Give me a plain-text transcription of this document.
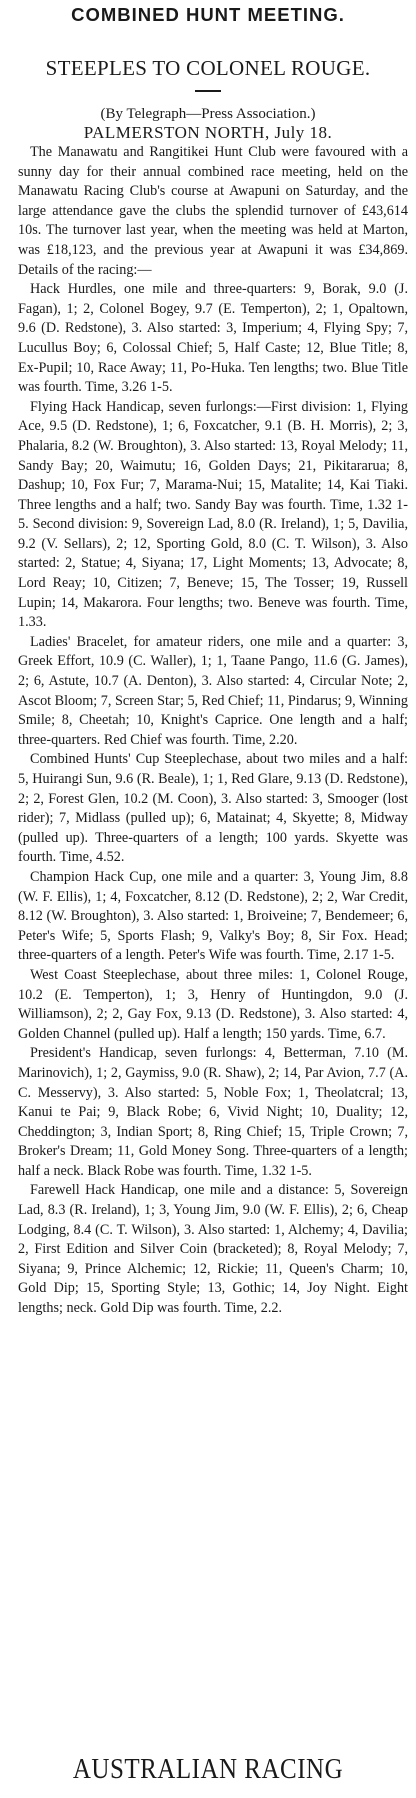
COMBINED HUNT MEETING.
STEEPLES TO COLONEL ROUGE.
(By Telegraph—Press Association.)
PALMERSTON NORTH, July 18.

The Manawatu and Rangitikei Hunt Club were favoured with a sunny day for their annual combined race meeting, held on the Manawatu Racing Club's course at Awapuni on Saturday, and the large attendance gave the clubs the splendid turnover of £43,614 10s. The turnover last year, when the meeting was held at Marton, was £18,123, and the previous year at Awapuni it was £34,869. Details of the racing:—

Hack Hurdles, one mile and three-quarters: 9, Borak, 9.0 (J. Fagan), 1; 2, Colonel Bogey, 9.7 (E. Temperton), 2; 1, Opaltown, 9.6 (D. Redstone), 3. Also started: 3, Imperium; 4, Flying Spy; 7, Lucullus Boy; 6, Colossal Chief; 5, Half Caste; 12, Blue Title; 8, Ex-Pupil; 10, Race Away; 11, Po-Huka. Ten lengths; two. Blue Title was fourth. Time, 3.26 1-5.

Flying Hack Handicap, seven furlongs:—First division: 1, Flying Ace, 9.5 (D. Redstone), 1; 6, Foxcatcher, 9.1 (B. H. Morris), 2; 3, Phalaria, 8.2 (W. Broughton), 3. Also started: 13, Royal Melody; 11, Sandy Bay; 20, Waimutu; 16, Golden Days; 21, Pikitararua; 8, Dashup; 10, Fox Fur; 7, Marama-Nui; 15, Matalite; 14, Kai Tiaki. Three lengths and a half; two. Sandy Bay was fourth. Time, 1.32 1-5. Second division: 9, Sovereign Lad, 8.0 (R. Ireland), 1; 5, Davilia, 9.2 (V. Sellars), 2; 12, Sporting Gold, 8.0 (C. T. Wilson), 3. Also started: 2, Statue; 4, Siyana; 17, Light Moments; 13, Advocate; 8, Lord Reay; 10, Citizen; 7, Beneve; 15, The Tosser; 19, Russell Lupin; 14, Makarora. Four lengths; two. Beneve was fourth. Time, 1.33.

Ladies' Bracelet, for amateur riders, one mile and a quarter: 3, Greek Effort, 10.9 (C. Waller), 1; 1, Taane Pango, 11.6 (G. James), 2; 6, Astute, 10.7 (A. Denton), 3. Also started: 4, Circular Note; 2, Ascot Bloom; 7, Screen Star; 5, Red Chief; 11, Pindarus; 9, Winning Smile; 8, Cheetah; 10, Knight's Caprice. One length and a half; three-quarters. Red Chief was fourth. Time, 2.20.

Combined Hunts' Cup Steeplechase, about two miles and a half: 5, Huirangi Sun, 9.6 (R. Beale), 1; 1, Red Glare, 9.13 (D. Redstone), 2; 2, Forest Glen, 10.2 (M. Coon), 3. Also started: 3, Smooger (lost rider); 7, Midlass (pulled up); 6, Matainat; 4, Skyette; 8, Midway (pulled up). Three-quarters of a length; 100 yards. Skyette was fourth. Time, 4.52.

Champion Hack Cup, one mile and a quarter: 3, Young Jim, 8.8 (W. F. Ellis), 1; 4, Foxcatcher, 8.12 (D. Redstone), 2; 2, War Credit, 8.12 (W. Broughton), 3. Also started: 1, Broiveine; 7, Bendemeer; 6, Peter's Wife; 5, Sports Flash; 9, Valky's Boy; 8, Sir Fox. Head; three-quarters of a length. Peter's Wife was fourth. Time, 2.17 1-5.

West Coast Steeplechase, about three miles: 1, Colonel Rouge, 10.2 (E. Temperton), 1; 3, Henry of Huntingdon, 9.0 (J. Williamson), 2; 2, Gay Fox, 9.13 (D. Redstone), 3. Also started: 4, Golden Channel (pulled up). Half a length; 150 yards. Time, 6.7.

President's Handicap, seven furlongs: 4, Betterman, 7.10 (M. Marinovich), 1; 2, Gaymiss, 9.0 (R. Shaw), 2; 14, Par Avion, 7.7 (A. C. Messervy), 3. Also started: 5, Noble Fox; 1, Theolatcral; 13, Kanui te Pai; 9, Black Robe; 6, Vivid Night; 10, Duality; 12, Cheddington; 3, Indian Sport; 8, Ring Chief; 15, Triple Crown; 7, Broker's Dream; 11, Gold Money Song. Three-quarters of a length; half a neck. Black Robe was fourth. Time, 1.32 1-5.

Farewell Hack Handicap, one mile and a distance: 5, Sovereign Lad, 8.3 (R. Ireland), 1; 3, Young Jim, 9.0 (W. F. Ellis), 2; 6, Cheap Lodging, 8.4 (C. T. Wilson), 3. Also started: 1, Alchemy; 4, Davilia; 2, First Edition and Silver Coin (bracketed); 8, Royal Melody; 7, Siyana; 9, Prince Alchemic; 12, Rickie; 11, Queen's Charm; 10, Gold Dip; 15, Sporting Style; 13, Gothic; 14, Joy Night. Eight lengths; neck. Gold Dip was fourth. Time, 2.2.

AUSTRALIAN RACING
